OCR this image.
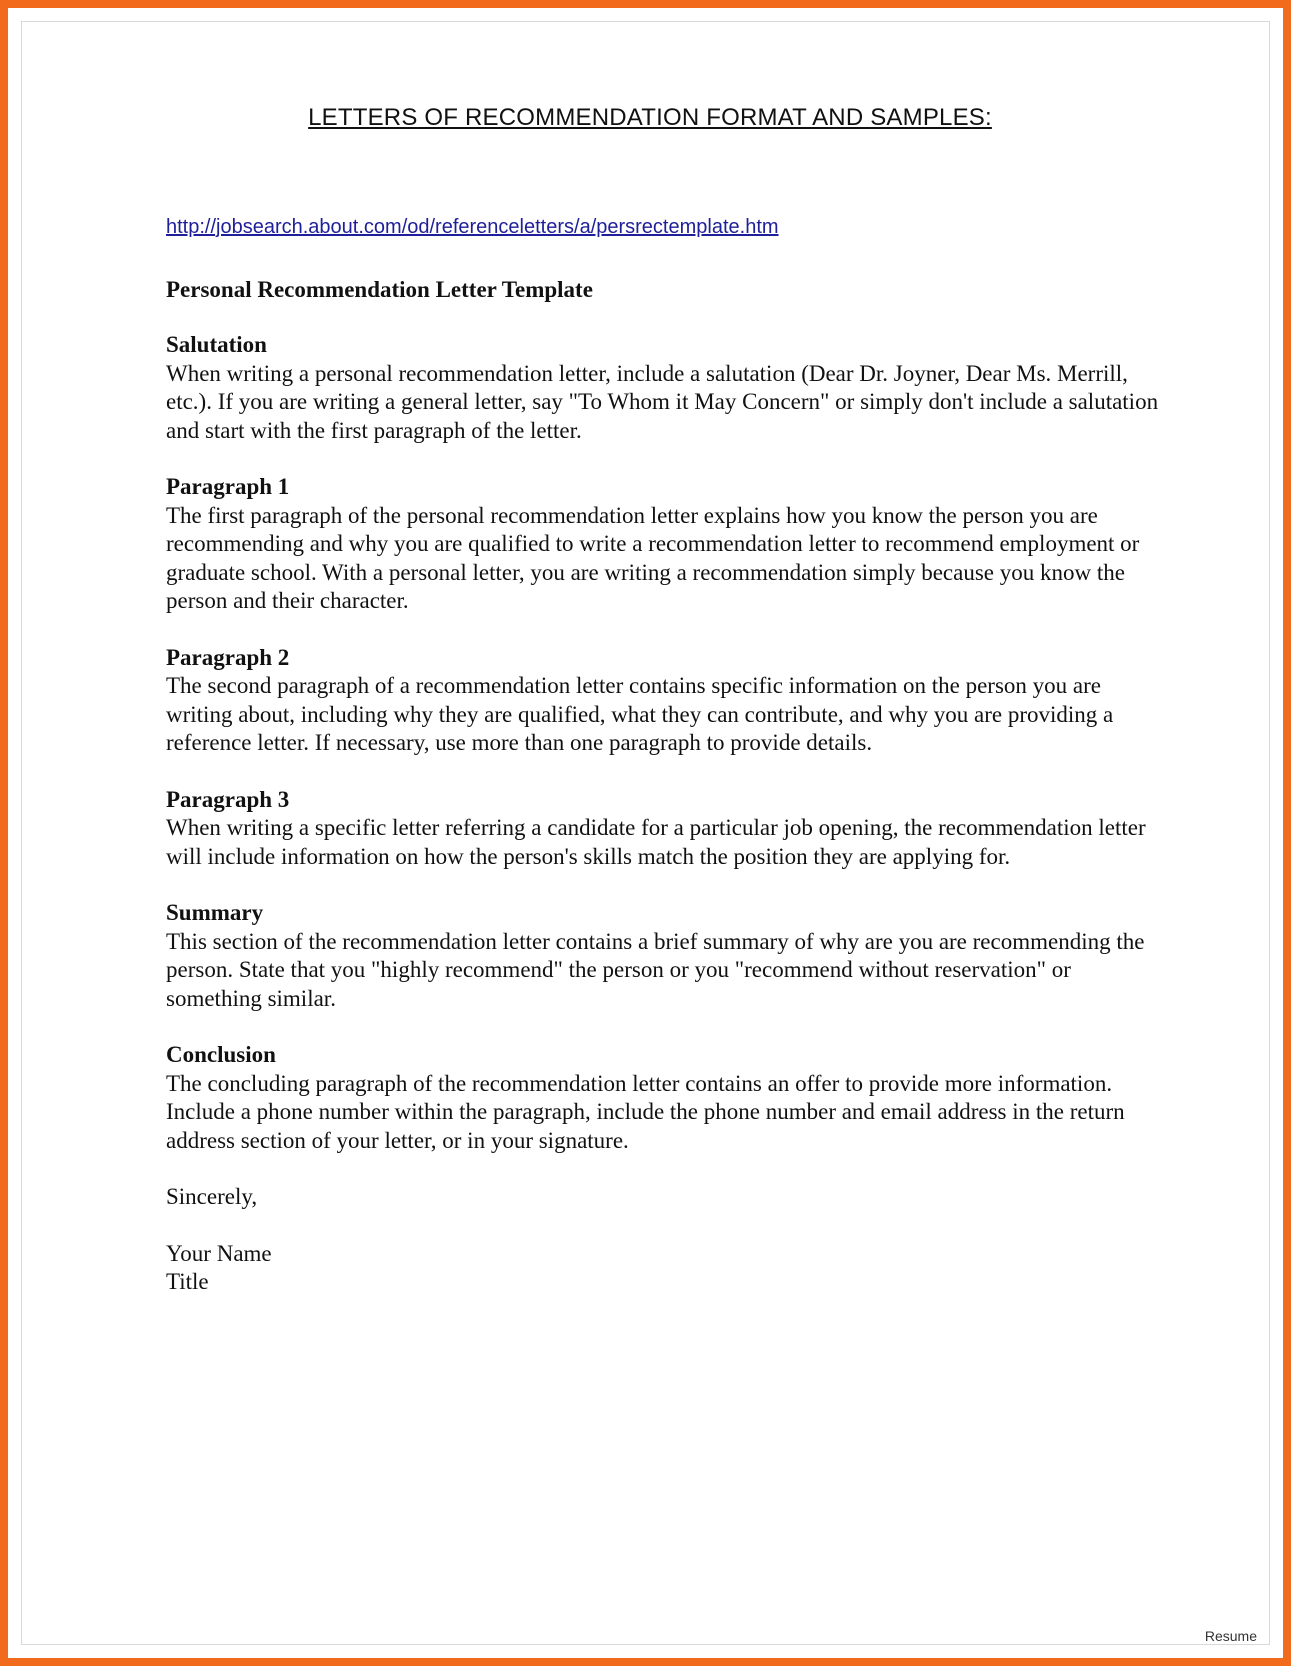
LETTERS OF RECOMMENDATION FORMAT AND SAMPLES:
http://jobsearch.about.com/od/referenceletters/a/persrectemplate.htm
Personal Recommendation Letter Template

Salutation

When writing a personal recommendation letter, include a salutation (Dear Dr. Joyner, Dear Ms. Merrill, etc.). If you are writing a general letter, say "To Whom it May Concern" or simply don't include a salutation and start with the first paragraph of the letter.

Paragraph 1

The first paragraph of the personal recommendation letter explains how you know the person you are recommending and why you are qualified to write a recommendation letter to recommend employment or graduate school. With a personal letter, you are writing a recommendation simply because you know the person and their character.

Paragraph 2

The second paragraph of a recommendation letter contains specific information on the person you are writing about, including why they are qualified, what they can contribute, and why you are providing a reference letter. If necessary, use more than one paragraph to provide details.

Paragraph 3

When writing a specific letter referring a candidate for a particular job opening, the recommendation letter will include information on how the person's skills match the position they are applying for.

Summary

This section of the recommendation letter contains a brief summary of why are you are recommending the person. State that you "highly recommend" the person or you "recommend without reservation" or something similar.

Conclusion

The concluding paragraph of the recommendation letter contains an offer to provide more information. Include a phone number within the paragraph, include the phone number and email address in the return address section of your letter, or in your signature.

Sincerely,
Your Name
Title
Resume
